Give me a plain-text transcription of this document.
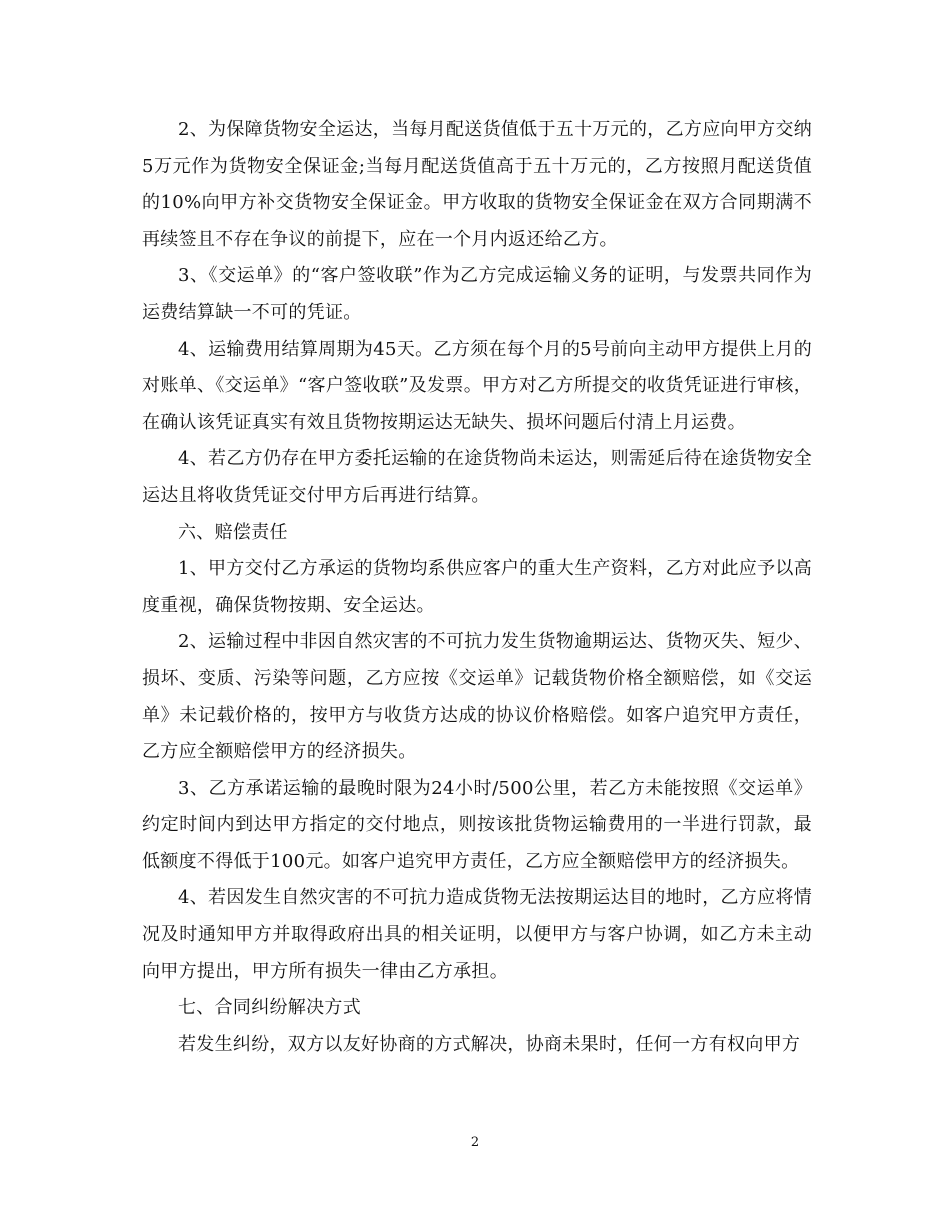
2、为保障货物安全运达，当每月配送货值低于五十万元的，乙方应向甲方交纳5万元作为货物安全保证金;当每月配送货值高于五十万元的，乙方按照月配送货值的10%向甲方补交货物安全保证金。甲方收取的货物安全保证金在双方合同期满不再续签且不存在争议的前提下，应在一个月内返还给乙方。

3、《交运单》的“客户签收联”作为乙方完成运输义务的证明，与发票共同作为运费结算缺一不可的凭证。

4、运输费用结算周期为45天。乙方须在每个月的5号前向主动甲方提供上月的对账单、《交运单》“客户签收联”及发票。甲方对乙方所提交的收货凭证进行审核，在确认该凭证真实有效且货物按期运达无缺失、损坏问题后付清上月运费。

4、若乙方仍存在甲方委托运输的在途货物尚未运达，则需延后待在途货物安全运达且将收货凭证交付甲方后再进行结算。

六、赔偿责任

1、甲方交付乙方承运的货物均系供应客户的重大生产资料，乙方对此应予以高度重视，确保货物按期、安全运达。

2、运输过程中非因自然灾害的不可抗力发生货物逾期运达、货物灭失、短少、损坏、变质、污染等问题，乙方应按《交运单》记载货物价格全额赔偿，如《交运单》未记载价格的，按甲方与收货方达成的协议价格赔偿。如客户追究甲方责任，乙方应全额赔偿甲方的经济损失。

3、乙方承诺运输的最晚时限为24小时/500公里，若乙方未能按照《交运单》约定时间内到达甲方指定的交付地点，则按该批货物运输费用的一半进行罚款，最低额度不得低于100元。如客户追究甲方责任，乙方应全额赔偿甲方的经济损失。

4、若因发生自然灾害的不可抗力造成货物无法按期运达目的地时，乙方应将情况及时通知甲方并取得政府出具的相关证明，以便甲方与客户协调，如乙方未主动向甲方提出，甲方所有损失一律由乙方承担。

七、合同纠纷解决方式

若发生纠纷，双方以友好协商的方式解决，协商未果时，任何一方有权向甲方

2
